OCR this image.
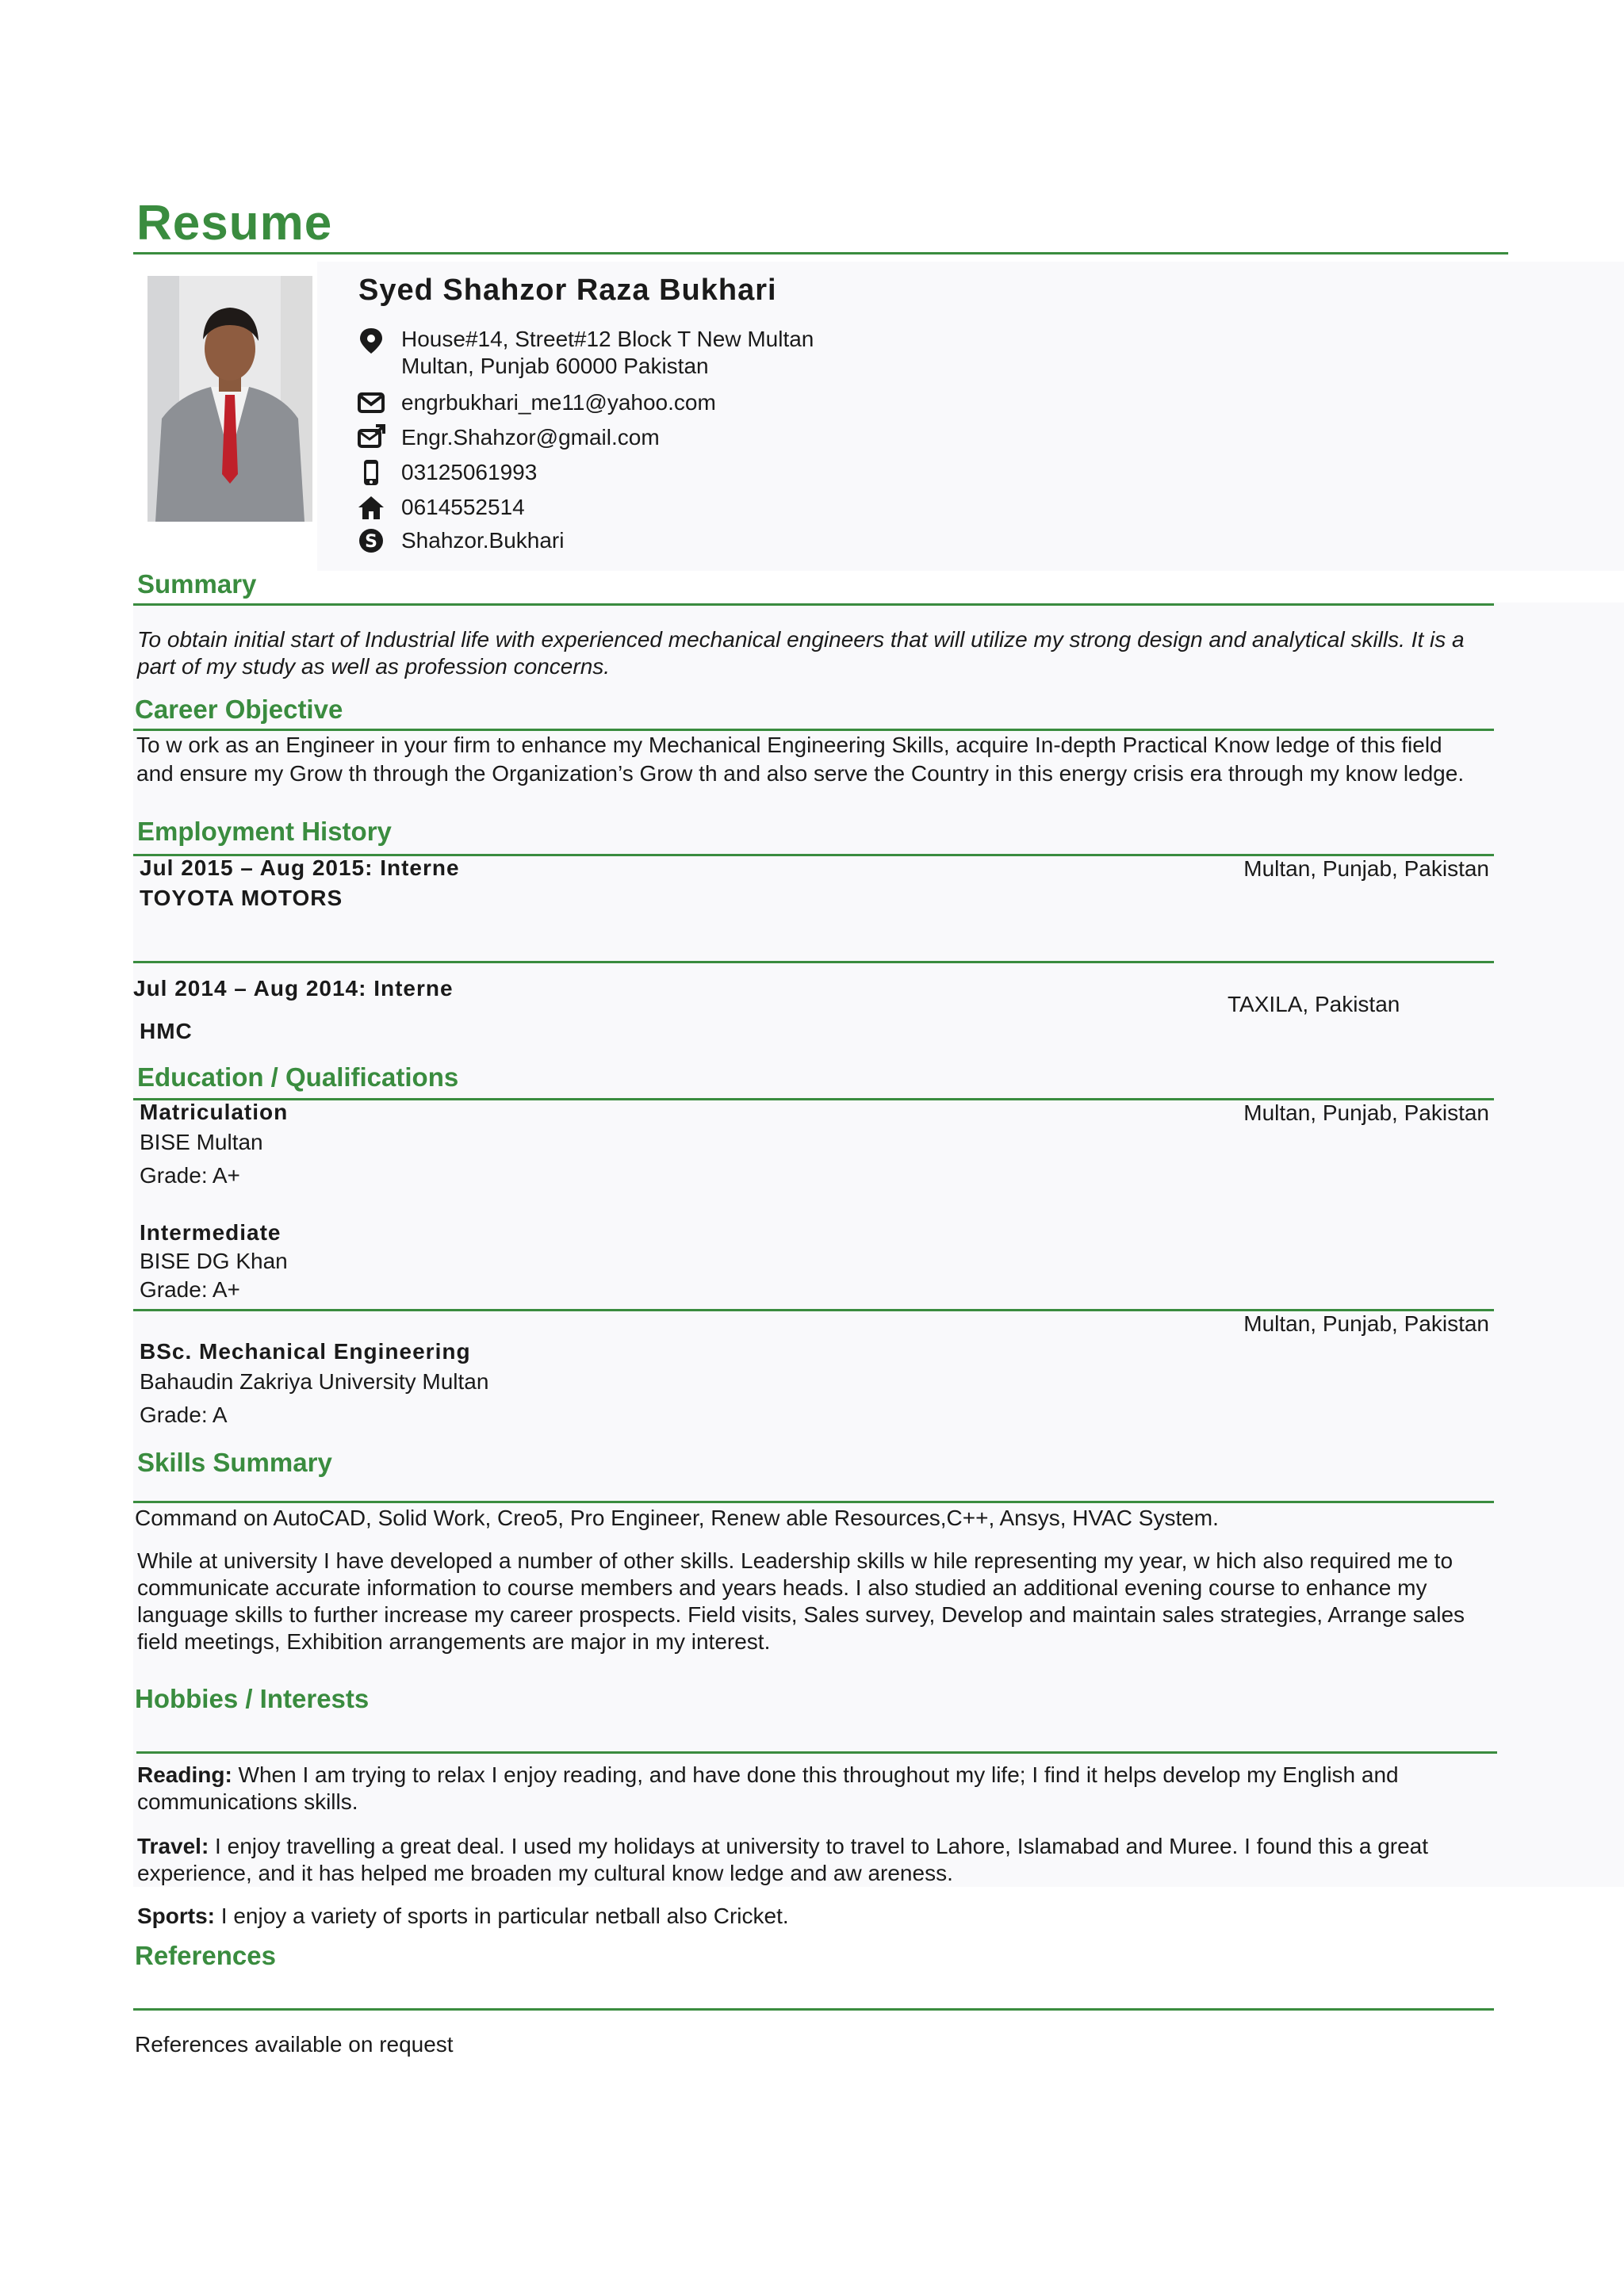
Resume
Syed Shahzor Raza Bukhari
House#14, Street#12 Block T New Multan
Multan, Punjab 60000 Pakistan
engrbukhari_me11@yahoo.com
Engr.Shahzor@gmail.com
03125061993
0614552514
S Shahzor.Bukhari
Summary
To obtain initial start of Industrial life with experienced mechanical engineers that will utilize my strong design and analytical skills. It is a part of my study as well as profession concerns.
Career Objective
To w ork as an Engineer in your firm to enhance my Mechanical Engineering Skills, acquire In-depth Practical Know ledge of this field and ensure my Grow th through the Organization’s Grow th and also serve the Country in this energy crisis era through my know ledge.
Employment History
Jul 2015 – Aug 2015: Interne	Multan, Punjab, Pakistan
TOYOTA MOTORS
Jul 2014 – Aug 2014: Interne
TAXILA, Pakistan
HMC
Education / Qualifications
Matriculation	Multan, Punjab, Pakistan
BISE Multan
Grade: A+
Intermediate
BISE DG Khan
Grade: A+
Multan, Punjab, Pakistan
BSc. Mechanical Engineering
Bahaudin Zakriya University Multan
Grade: A
Skills Summary
Command on AutoCAD, Solid Work, Creo5, Pro Engineer, Renew able Resources,C++, Ansys, HVAC System.
While at university I have developed a number of other skills. Leadership skills w hile representing my year, w hich also required me to communicate accurate information to course members and years heads. I also studied an additional evening course to enhance my language skills to further increase my career prospects. Field visits, Sales survey, Develop and maintain sales strategies, Arrange sales field meetings, Exhibition arrangements are major in my interest.
Hobbies / Interests
Reading: When I am trying to relax I enjoy reading, and have done this throughout my life; I find it helps develop my English and communications skills.
Travel: I enjoy travelling a great deal. I used my holidays at university to travel to Lahore, Islamabad and Muree. I found this a great experience, and it has helped me broaden my cultural know ledge and aw areness.
Sports: I enjoy a variety of sports in particular netball also Cricket.
References
References available on request
